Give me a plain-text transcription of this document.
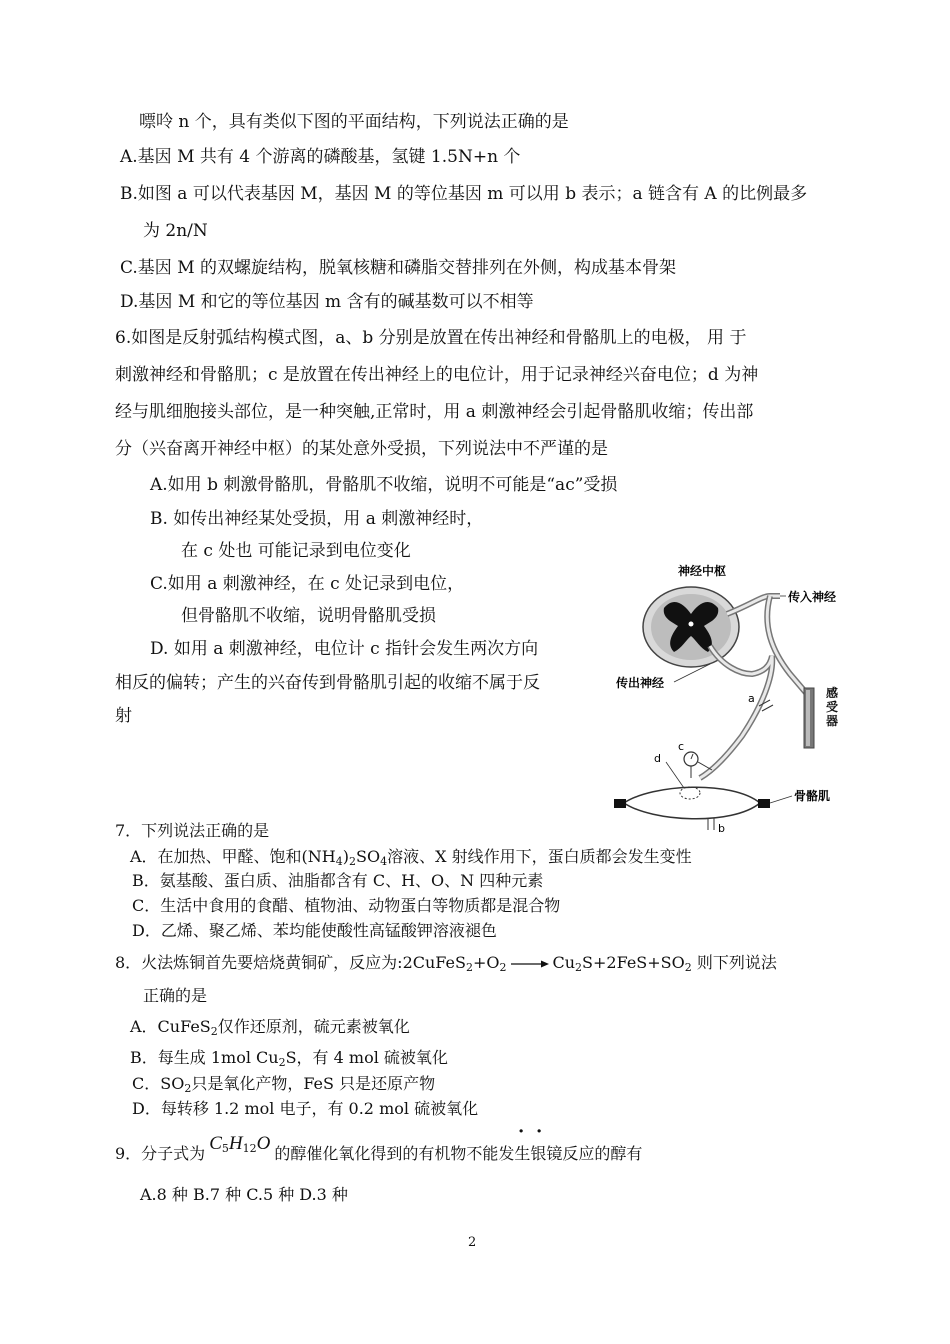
嘌呤 n 个，具有类似下图的平面结构，下列说法正确的是
A.基因 M 共有 4 个游离的磷酸基，氢键 1.5N+n 个
B.如图 a 可以代表基因 M，基因 M 的等位基因 m 可以用 b 表示；a 链含有 A 的比例最多
为 2n/N
C.基因 M 的双螺旋结构，脱氧核糖和磷脂交替排列在外侧，构成基本骨架
D.基因 M 和它的等位基因 m 含有的碱基数可以不相等
6.如图是反射弧结构模式图，a、b 分别是放置在传出神经和骨骼肌上的电极， 用 于
刺激神经和骨骼肌；c 是放置在传出神经上的电位计，用于记录神经兴奋电位；d 为神
经与肌细胞接头部位，是一种突触,正常时，用 a 刺激神经会引起骨骼肌收缩；传出部
分（兴奋离开神经中枢）的某处意外受损，下列说法中不严谨的是
A.如用 b 刺激骨骼肌，骨骼肌不收缩，说明不可能是“ac”受损
B. 如传出神经某处受损，用 a 刺激神经时，
在 c 处也 可能记录到电位变化
C.如用 a 刺激神经，在 c 处记录到电位，
但骨骼肌不收缩，说明骨骼肌受损
D. 如用 a 刺激神经，电位计 c 指针会发生两次方向
相反的偏转；产生的兴奋传到骨骼肌引起的收缩不属于反
射
神经中枢
传入神经
传出神经
骨骼肌
a
b
c
d
感受器
7．下列说法正确的是
A．在加热、甲醛、饱和$(NH_4)_2SO_4$溶液、X 射线作用下，蛋白质都会发生变性
B．氨基酸、蛋白质、油脂都含有 C、H、O、N 四种元素
C．生活中食用的食醋、植物油、动物蛋白等物质都是混合物
D．乙烯、聚乙烯、苯均能使酸性高锰酸钾溶液褪色
8．火法炼铜首先要焙烧黄铜矿，反应为$:2CuFeS_2+O_2 \to Cu_2S+2FeS+SO_2$ 则下列说法
正确的是
A．CuFeS$_2$仅作还原剂，硫元素被氧化
B．每生成 1mol $Cu_2S$，有 4 mol 硫被氧化
C．$SO_2$只是氧化产物，FeS 只是还原产物
D．每转移 1.2 mol 电子，有 0.2 mol 硫被氧化
9．分子式为 $C_5H_{12}O$ 的醇催化氧化得到的有机物不能发生银镜反应的醇有
· ·
A.8 种 B.7 种 C.5 种 D.3 种
2
